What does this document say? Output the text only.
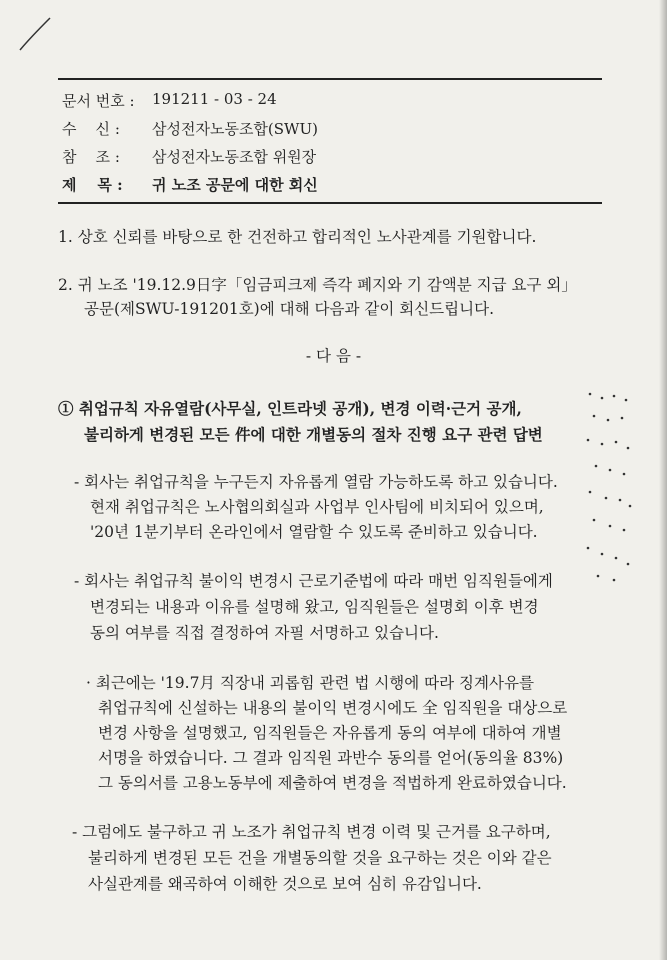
문서 번호 :	191211 - 03 - 24
수    신 :	삼성전자노동조합(SWU)
참    조 :	삼성전자노동조합 위원장
제    목 :	귀 노조 공문에 대한 회신
1. 상호 신뢰를 바탕으로 한 건전하고 합리적인 노사관계를 기원합니다.
2. 귀 노조 '19.12.9日字「임금피크제 즉각 폐지와 기 감액분 지급 요구 외」
공문(제SWU-191201호)에 대해 다음과 같이 회신드립니다.
- 다 음 -
① 취업규칙 자유열람(사무실, 인트라넷 공개), 변경 이력·근거 공개,
불리하게 변경된 모든 件에 대한 개별동의 절차 진행 요구 관련 답변
- 회사는 취업규칙을 누구든지 자유롭게 열람 가능하도록 하고 있습니다.
현재 취업규칙은 노사협의회실과 사업부 인사팀에 비치되어 있으며,
'20년 1분기부터 온라인에서 열람할 수 있도록 준비하고 있습니다.
- 회사는 취업규칙 불이익 변경시 근로기준법에 따라 매번 임직원들에게
변경되는 내용과 이유를 설명해 왔고, 임직원들은 설명회 이후 변경
동의 여부를 직접 결정하여 자필 서명하고 있습니다.
· 최근에는 '19.7月 직장내 괴롭힘 관련 법 시행에 따라 징계사유를
취업규칙에 신설하는 내용의 불이익 변경시에도 全 임직원을 대상으로
변경 사항을 설명했고, 임직원들은 자유롭게 동의 여부에 대하여 개별
서명을 하였습니다. 그 결과 임직원 과반수 동의를 얻어(동의율 83%)
그 동의서를 고용노동부에 제출하여 변경을 적법하게 완료하였습니다.
- 그럼에도 불구하고 귀 노조가 취업규칙 변경 이력 및 근거를 요구하며,
불리하게 변경된 모든 건을 개별동의할 것을 요구하는 것은 이와 같은
사실관계를 왜곡하여 이해한 것으로 보여 심히 유감입니다.
